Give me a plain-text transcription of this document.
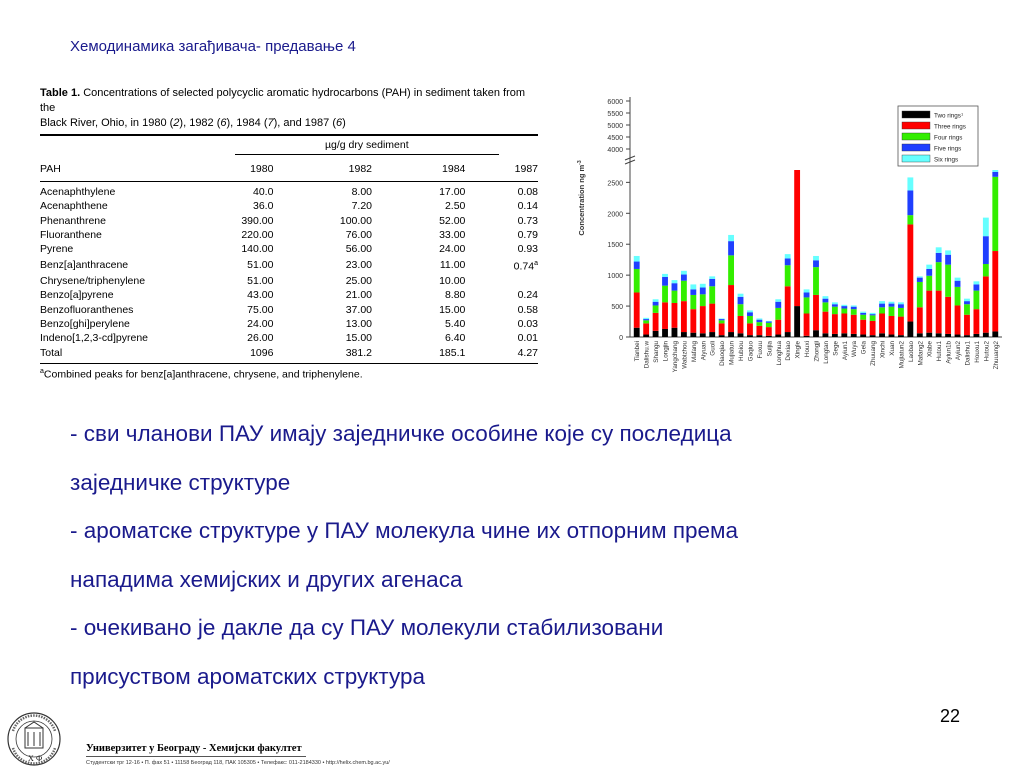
Хемодинамика загађивача- предавање 4
Table 1. Concentrations of selected polycyclic aromatic hydrocarbons (PAH) in sediment taken from the
Black River, Ohio, in 1980 (2), 1982 (6), 1984 (7), and 1987 (6)
	µg/g dry sediment			
PAH	1980	1982	1984	1987

Acenaphthylene	40.0	8.00	17.00	0.08
Acenaphthene	36.0	7.20	2.50	0.14
Phenanthrene	390.00	100.00	52.00	0.73
Fluoranthene	220.00	76.00	33.00	0.79
Pyrene	140.00	56.00	24.00	0.93
Benz[a]anthracene	51.00	23.00	11.00	0.74$^a$
Chrysene/triphenylene	51.00	25.00	10.00	
Benzo[a]pyrene	43.00	21.00	8.80	0.24
Benzofluoranthenes	75.00	37.00	15.00	0.58
Benzo[ghi]perylene	24.00	13.00	5.40	0.03
Indeno[1,2,3-cd]pyrene	26.00	15.00	6.40	0.01
Total	1096	381.2	185.1	4.27
$^a$Combined peaks for benz[a]anthracene, chrysene, and triphenylene.
0
500
1000
1500
2000
2500
4000
4500
5000
5500
6000
Concentration ng $m^{-3}$
Tianbei Dalishu.w Shangu Longjin Yangchang Wabizhou Mafang Aiyuan Guoli Diaoqiao Mujiatun Hubiou Gaqiuo Fuxuu Suijia Longhua Dexiao Xingle Houxi Zhongji Longtan Sege Ayiun1 Wuya Gela Zhuuang Xinchi Xuan Mujiatun2 Laobao Mafang2 Xiabe Hutou1 Ayiun1b Ayiun2 Dalishu1 Houxu1 Hutou2 Zhuuang2
Two rings$^1$
Three rings
Four rings
Five rings
Six rings
- сви чланови ПАУ имају заједничке особине које су последица
заједничке структуре
- ароматске структуре у ПАУ молекула чине их отпорним према
нападима хемијских и других агенаса
- очекивано је дакле да су ПАУ молекули стабилизовани
присуством ароматских структура
22
Х Ф
Универзитет у Београду - Хемијски факултет
Студентски трг 12-16 • П. фах 51 • 11158 Београд 118, ПАК 105305 • Телефакс: 011-2184330 • http://helix.chem.bg.ac.yu/
